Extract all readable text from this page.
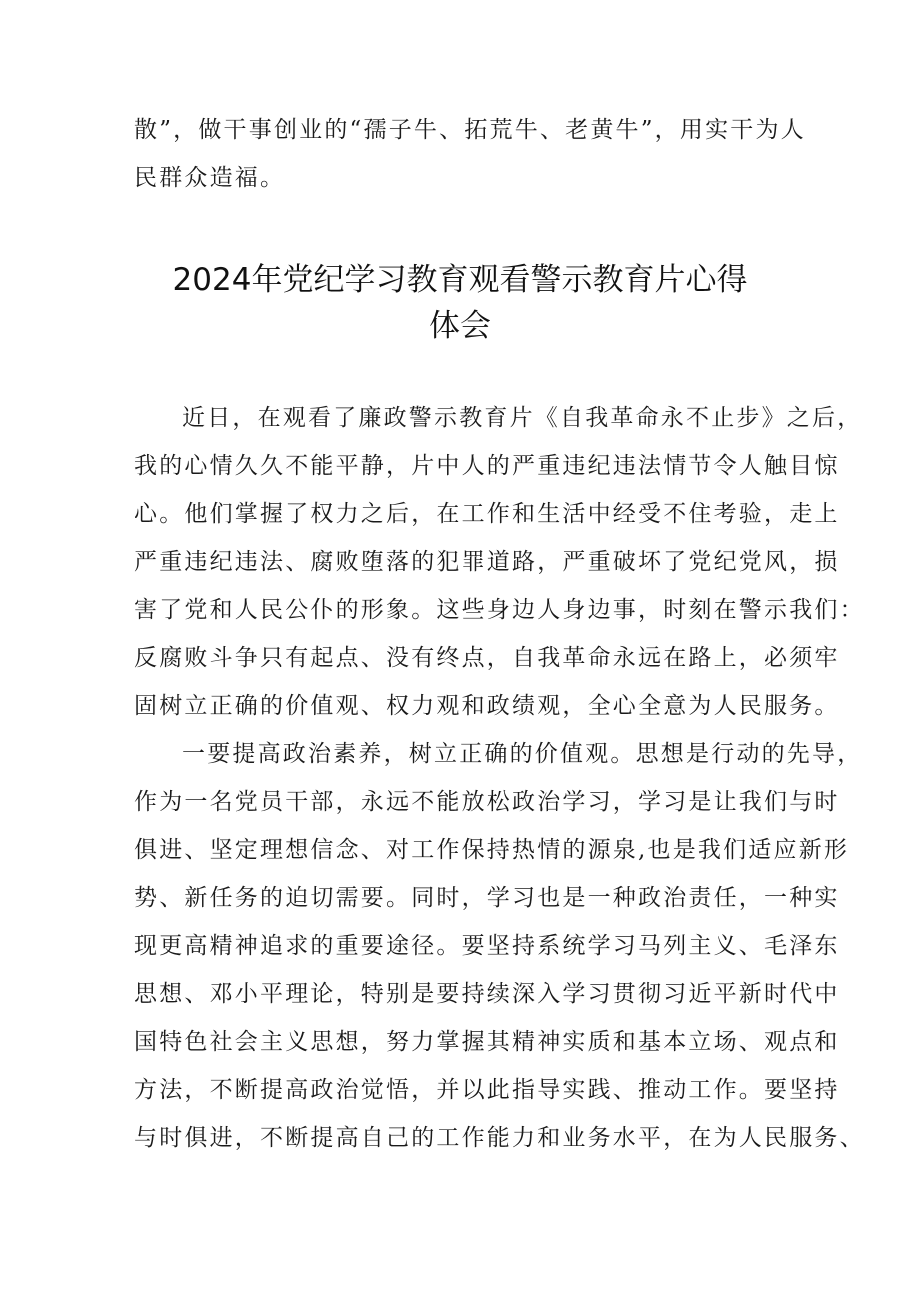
散”，做干事创业的“孺子牛、拓荒牛、老黄牛”，用实干为人
民群众造福。
2024年党纪学习教育观看警示教育片心得
体会
近日，在观看了廉政警示教育片《自我革命永不止步》之后，
我的心情久久不能平静，片中人的严重违纪违法情节令人触目惊
心。他们掌握了权力之后，在工作和生活中经受不住考验，走上
严重违纪违法、腐败堕落的犯罪道路，严重破坏了党纪党风，损
害了党和人民公仆的形象。这些身边人身边事，时刻在警示我们：
反腐败斗争只有起点、没有终点，自我革命永远在路上，必须牢
固树立正确的价值观、权力观和政绩观，全心全意为人民服务。
一要提高政治素养，树立正确的价值观。思想是行动的先导，
作为一名党员干部，永远不能放松政治学习，学习是让我们与时
俱进、坚定理想信念、对工作保持热情的源泉,也是我们适应新形
势、新任务的迫切需要。同时，学习也是一种政治责任，一种实
现更高精神追求的重要途径。要坚持系统学习马列主义、毛泽东
思想、邓小平理论，特别是要持续深入学习贯彻习近平新时代中
国特色社会主义思想，努力掌握其精神实质和基本立场、观点和
方法，不断提高政治觉悟，并以此指导实践、推动工作。要坚持
与时俱进，不断提高自己的工作能力和业务水平，在为人民服务、
